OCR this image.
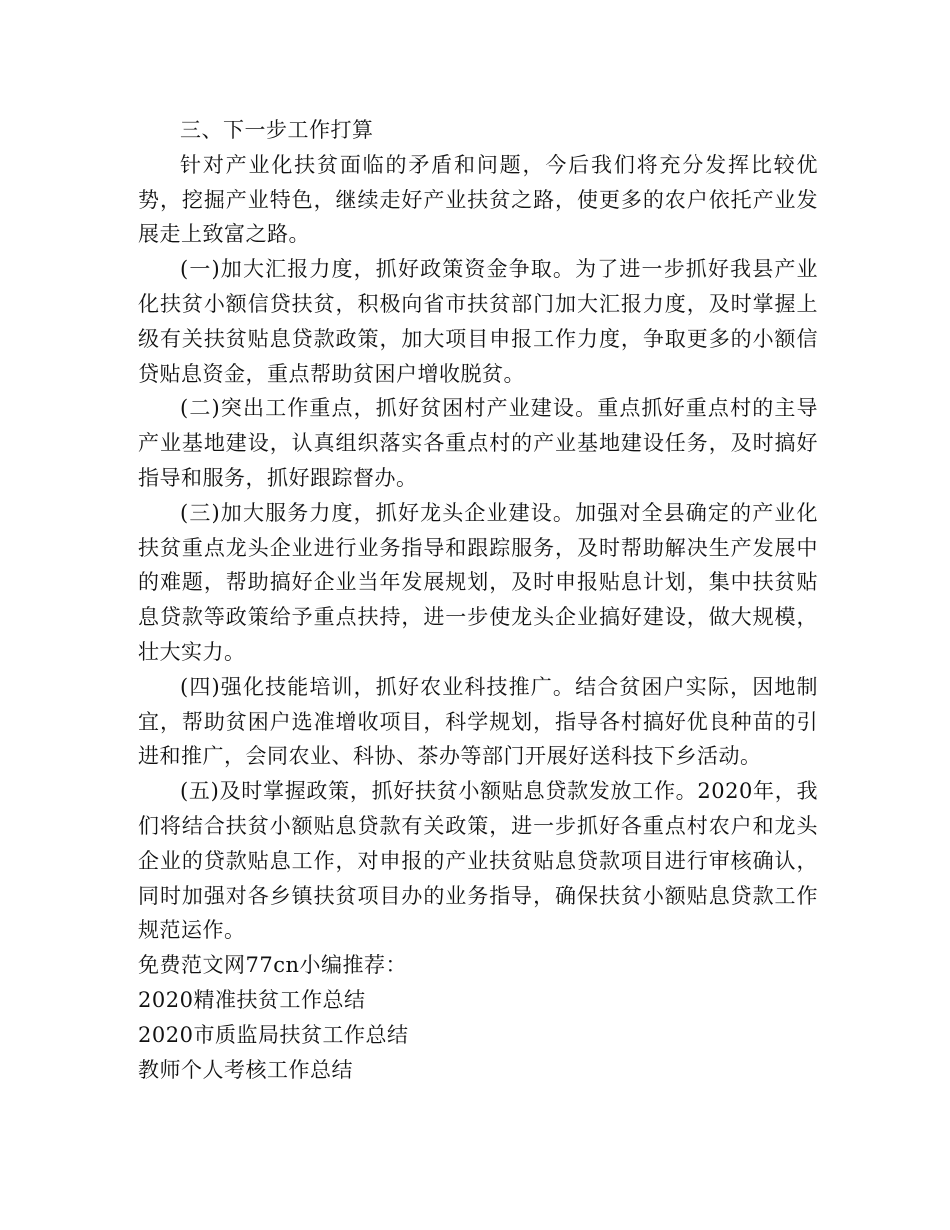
三、下一步工作打算

针对产业化扶贫面临的矛盾和问题，今后我们将充分发挥比较优势，挖掘产业特色，继续走好产业扶贫之路，使更多的农户依托产业发展走上致富之路。

(一)加大汇报力度，抓好政策资金争取。为了进一步抓好我县产业化扶贫小额信贷扶贫，积极向省市扶贫部门加大汇报力度，及时掌握上级有关扶贫贴息贷款政策，加大项目申报工作力度，争取更多的小额信贷贴息资金，重点帮助贫困户增收脱贫。

(二)突出工作重点，抓好贫困村产业建设。重点抓好重点村的主导产业基地建设，认真组织落实各重点村的产业基地建设任务，及时搞好指导和服务，抓好跟踪督办。

(三)加大服务力度，抓好龙头企业建设。加强对全县确定的产业化扶贫重点龙头企业进行业务指导和跟踪服务，及时帮助解决生产发展中的难题，帮助搞好企业当年发展规划，及时申报贴息计划，集中扶贫贴息贷款等政策给予重点扶持，进一步使龙头企业搞好建设，做大规模，壮大实力。

(四)强化技能培训，抓好农业科技推广。结合贫困户实际，因地制宜，帮助贫困户选准增收项目，科学规划，指导各村搞好优良种苗的引进和推广，会同农业、科协、茶办等部门开展好送科技下乡活动。

(五)及时掌握政策，抓好扶贫小额贴息贷款发放工作。2020年，我们将结合扶贫小额贴息贷款有关政策，进一步抓好各重点村农户和龙头企业的贷款贴息工作，对申报的产业扶贫贴息贷款项目进行审核确认，同时加强对各乡镇扶贫项目办的业务指导，确保扶贫小额贴息贷款工作规范运作。

免费范文网77cn小编推荐：

2020精准扶贫工作总结

2020市质监局扶贫工作总结

教师个人考核工作总结
